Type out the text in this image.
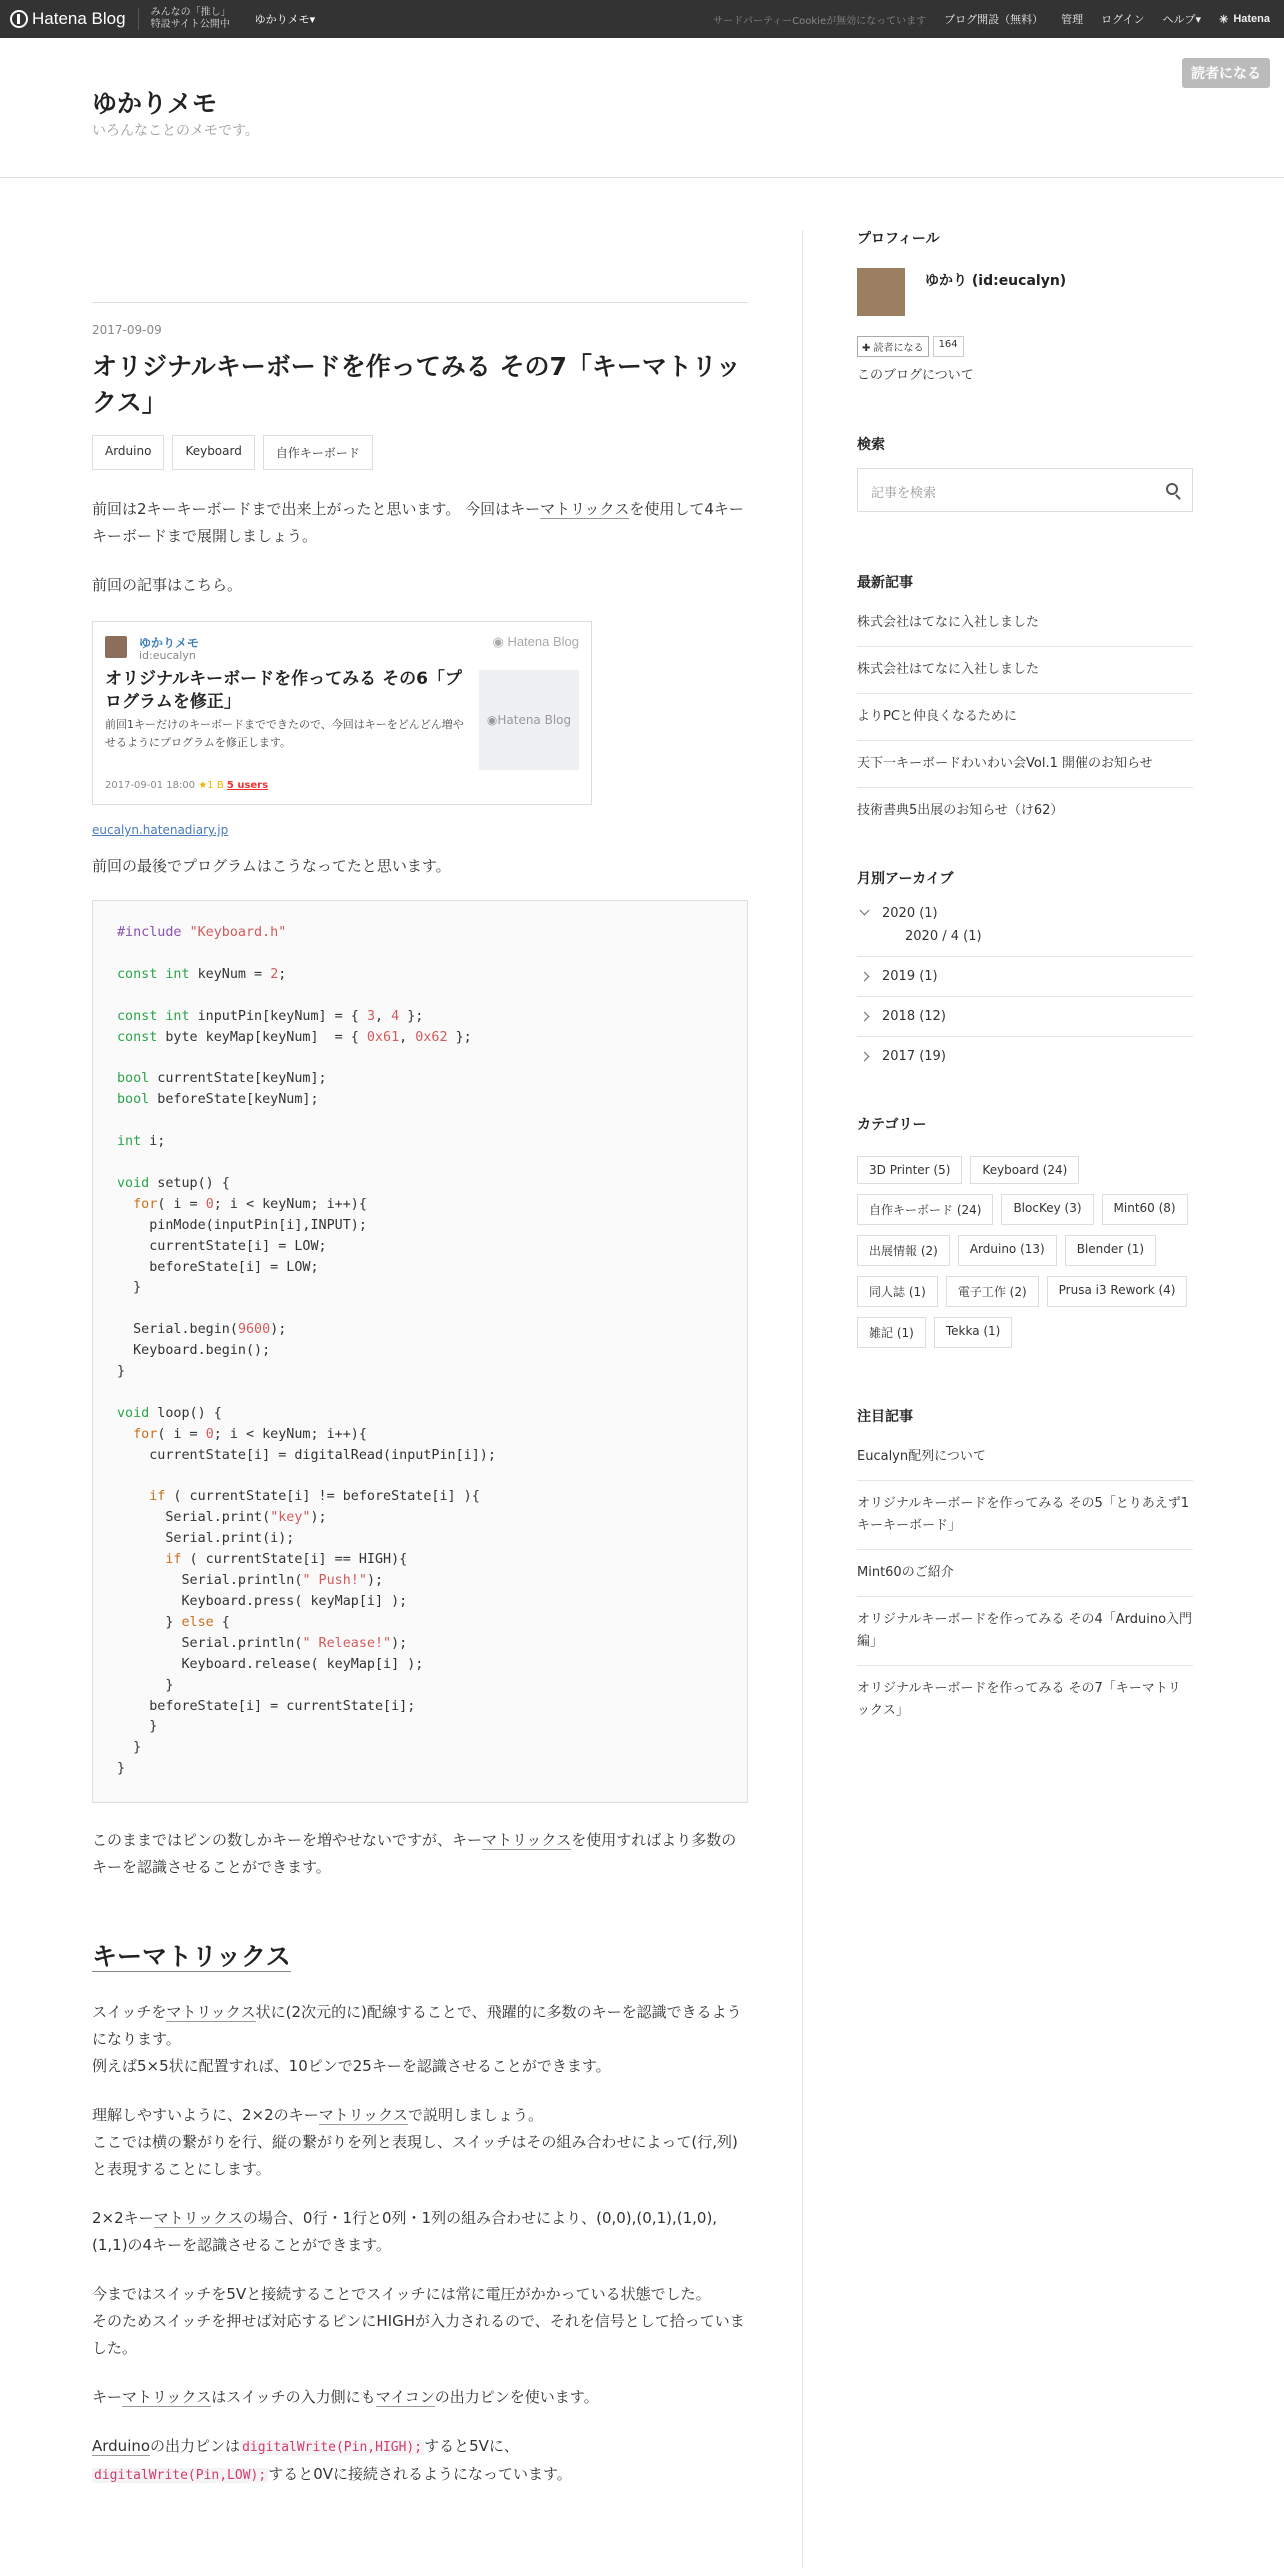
Hatena Blog	みんなの「推し」
特設サイト公開中 ゆかりメモ▾	サードパーティーCookieが無効になっています ブログ開設（無料） 管理 ログイン ヘルプ▾ ✳ Hatena
読者になる
ゆかりメモ
いろんなことのメモです。
2017-09-09
オリジナルキーボードを作ってみる その7「キーマトリックス」
Arduino	Keyboard	自作キーボード

前回は2キーキーボードまで出来上がったと思います。 今回はキーマトリックスを使用して4キーキーボードまで展開しましょう。

前回の記事はこちら。

ゆかりメモ
id:eucalyn
◉ Hatena Blog
オリジナルキーボードを作ってみる その6「プログラムを修正」
前回1キーだけのキーボードまでできたので、今回はキーをどんどん増やせるようにプログラムを修正します。
◉ Hatena Blog
2017-09-01 18:00 ★1 B 5 users
eucalyn.hatenadiary.jp

前回の最後でプログラムはこうなってたと思います。

#include "Keyboard.h"

const int keyNum = 2;

const int inputPin[keyNum] = { 3, 4 };
const byte keyMap[keyNum]  = { 0x61, 0x62 };

bool currentState[keyNum];
bool beforeState[keyNum];

int i;

void setup() {
for( i = 0; i < keyNum; i++){
pinMode(inputPin[i],INPUT);
currentState[i] = LOW;
beforeState[i] = LOW;
}

Serial.begin(9600);
Keyboard.begin();
}

void loop() {
for( i = 0; i < keyNum; i++){
currentState[i] = digitalRead(inputPin[i]);

if ( currentState[i] != beforeState[i] ){
Serial.print("key");
Serial.print(i);
if ( currentState[i] == HIGH){
Serial.println(" Push!");
Keyboard.press( keyMap[i] );
} else {
Serial.println(" Release!");
Keyboard.release( keyMap[i] );
}
beforeState[i] = currentState[i];
}
}
}

このままではピンの数しかキーを増やせないですが、キーマトリックスを使用すればより多数のキーを認識させることができます。

キーマトリックス

スイッチをマトリックス状に(2次元的に)配線することで、飛躍的に多数のキーを認識できるようになります。
例えば5×5状に配置すれば、10ピンで25キーを認識させることができます。

理解しやすいように、2×2のキーマトリックスで説明しましょう。
ここでは横の繋がりを行、縦の繋がりを列と表現し、スイッチはその組み合わせによって(行,列)と表現することにします。

2×2キーマトリックスの場合、0行・1行と0列・1列の組み合わせにより、(0,0),(0,1),(1,0),(1,1)の4キーを認識させることができます。

今まではスイッチを5Vと接続することでスイッチには常に電圧がかかっている状態でした。
そのためスイッチを押せば対応するピンにHIGHが入力されるので、それを信号として拾っていました。

キーマトリックスはスイッチの入力側にもマイコンの出力ピンを使います。

Arduinoの出力ピンは digitalWrite(Pin,HIGH); すると5Vに、
digitalWrite(Pin,LOW); すると0Vに接続されるようになっています。

プロフィール
ゆかり (id:eucalyn)
✚ 読者になる	164
このブログについて
検索
記事を検索
最新記事
株式会社はてなに入社しました
株式会社はてなに入社しました
よりPCと仲良くなるために
天下一キーボードわいわい会Vol.1 開催のお知らせ
技術書典5出展のお知らせ（け62）
月別アーカイブ
2020 (1)
2020 / 4 (1)
2019 (1)
2018 (12)
2017 (19)
カテゴリー
3D Printer (5)	Keyboard (24)
自作キーボード (24)	BlocKey (3)	Mint60 (8)
出展情報 (2)	Arduino (13)	Blender (1)
同人誌 (1)	電子工作 (2)	Prusa i3 Rework (4)
雑記 (1)	Tekka (1)
注目記事
Eucalyn配列について
オリジナルキーボードを作ってみる その5「とりあえず1キーキーボード」
Mint60のご紹介
オリジナルキーボードを作ってみる その4「Arduino入門編」
オリジナルキーボードを作ってみる その7「キーマトリックス」
